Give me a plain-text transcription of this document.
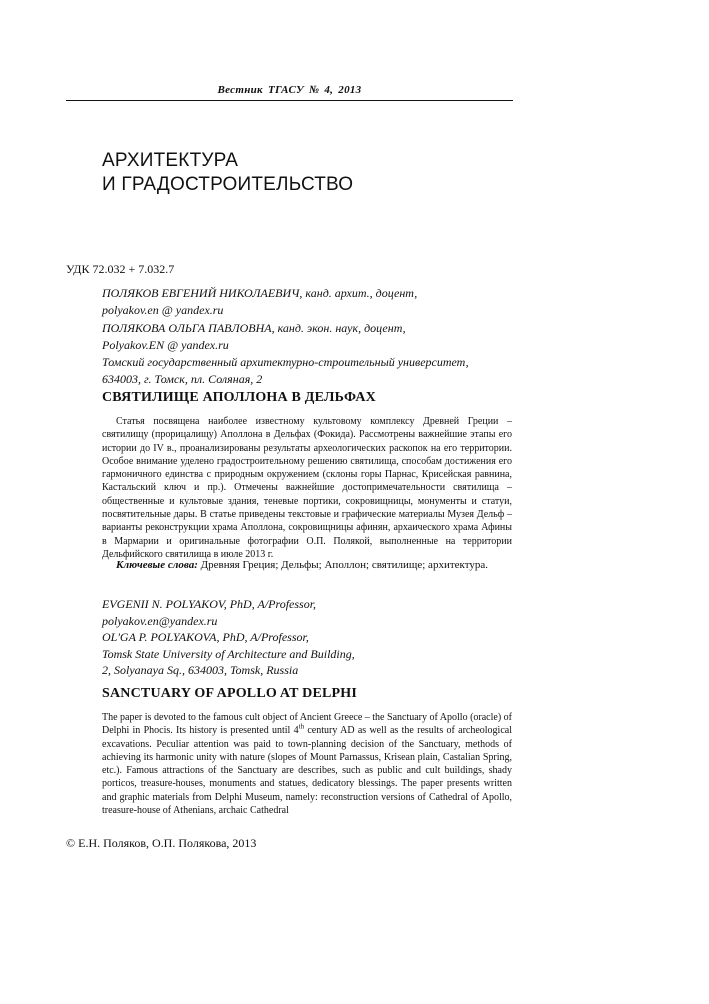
Вестник ТГАСУ № 4, 2013
АРХИТЕКТУРА
И ГРАДОСТРОИТЕЛЬСТВО
УДК 72.032 + 7.032.7
ПОЛЯКОВ ЕВГЕНИЙ НИКОЛАЕВИЧ, канд. архит., доцент,
polyakov.en @ yandex.ru
ПОЛЯКОВА ОЛЬГА ПАВЛОВНА, канд. экон. наук, доцент,
Polyakov.EN @ yandex.ru
Томский государственный архитектурно-строительный университет,
634003, г. Томск, пл. Соляная, 2
СВЯТИЛИЩЕ АПОЛЛОНА В ДЕЛЬФАХ
Статья посвящена наиболее известному культовому комплексу Древней Греции – святилищу (прорицалищу) Аполлона в Дельфах (Фокида). Рассмотрены важнейшие этапы его истории до IV в., проанализированы результаты археологических раскопок на его территории. Особое внимание уделено градостроительному решению святилища, способам достижения его гармоничного единства с природным окружением (склоны горы Парнас, Крисейская равнина, Кастальский ключ и пр.). Отмечены важнейшие достопримечательности святилища – общественные и культовые здания, теневые портики, сокровищницы, монументы и статуи, посвятительные дары. В статье приведены текстовые и графические материалы Музея Дельф – варианты реконструкции храма Аполлона, сокровищницы афинян, архаического храма Афины в Мармарии и оригинальные фотографии О.П. Полякой, выполненные на территории Дельфийского святилища в июле 2013 г.
Ключевые слова: Древняя Греция; Дельфы; Аполлон; святилище; архитектура.
EVGENII N. POLYAKOV, PhD, A/Professor,
polyakov.en@yandex.ru
OL'GA P. POLYAKOVA, PhD, A/Professor,
Tomsk State University of Architecture and Building,
2, Solyanaya Sq., 634003, Tomsk, Russia
SANCTUARY OF APOLLO AT DELPHI
The paper is devoted to the famous cult object of Ancient Greece – the Sanctuary of Apollo (oracle) of Delphi in Phocis. Its history is presented until 4th century AD as well as the results of archeological excavations. Peculiar attention was paid to town-planning decision of the Sanctuary, methods of achieving its harmonic unity with nature (slopes of Mount Parnassus, Krisean plain, Castalian Spring, etc.). Famous attractions of the Sanctuary are describes, such as public and cult buildings, shady porticos, treasure-houses, monuments and statues, dedicatory blessings. The paper presents written and graphic materials from Delphi Museum, namely: reconstruction versions of Cathedral of Apollo, treasure-house of Athenians, archaic Cathedral
© Е.Н. Поляков, О.П. Полякова, 2013
